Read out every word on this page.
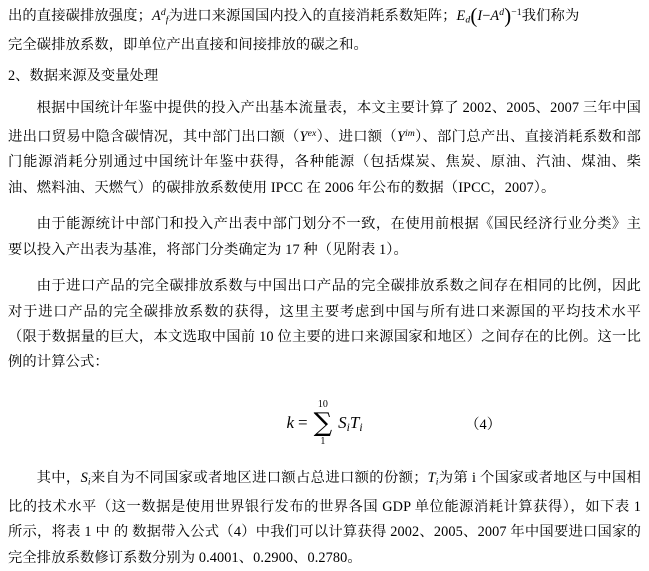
出的直接碳排放强度；$A^d_f$为进口来源国国内投入的直接消耗系数矩阵；$E_d(I-A^d)^{-1}$我们称为
完全碳排放系数，即单位产出直接和间接排放的碳之和。
2、数据来源及变量处理
根据中国统计年鉴中提供的投入产出基本流量表，本文主要计算了 2002、2005、2007 三年中国进出口贸易中隐含碳情况，其中部门出口额$(Y^{ex})$、进口额$(Y^{im})$、部门总产出、直接消耗系数和部门能源消耗分别通过中国统计年鉴中获得，各种能源（包括煤炭、焦炭、原油、汽油、煤油、柴油、燃料油、天燃气）的碳排放系数使用 IPCC 在 2006 年公布的数据（IPCC，2007）。
由于能源统计中部门和投入产出表中部门划分不一致，在使用前根据《国民经济行业分类》主要以投入产出表为基准，将部门分类确定为 17 种（见附表 1）。
由于进口产品的完全碳排放系数与中国出口产品的完全碳排放系数之间存在相同的比例，因此对于进口产品的完全碳排放系数的获得，这里主要考虑到中国与所有进口来源国的平均技术水平（限于数据量的巨大，本文选取中国前 10 位主要的进口来源国家和地区）之间存在的比例。这一比例的计算公式：
k =
10
∑
1
$S_iT_i$	（4）
其中，$S_i$来自为不同国家或者地区进口额占总进口额的份额；$T_i$为第 i 个国家或者地区与中国相比的技术水平（这一数据是使用世界银行发布的世界各国 GDP 单位能源消耗计算获得），如下表 1 所示，将表 1 中 的 数据带入公式（4）中我们可以计算获得 2002、2005、2007 年中国要进口国家的完全排放系数修订系数分别为 0.4001、0.2900、0.2780。
